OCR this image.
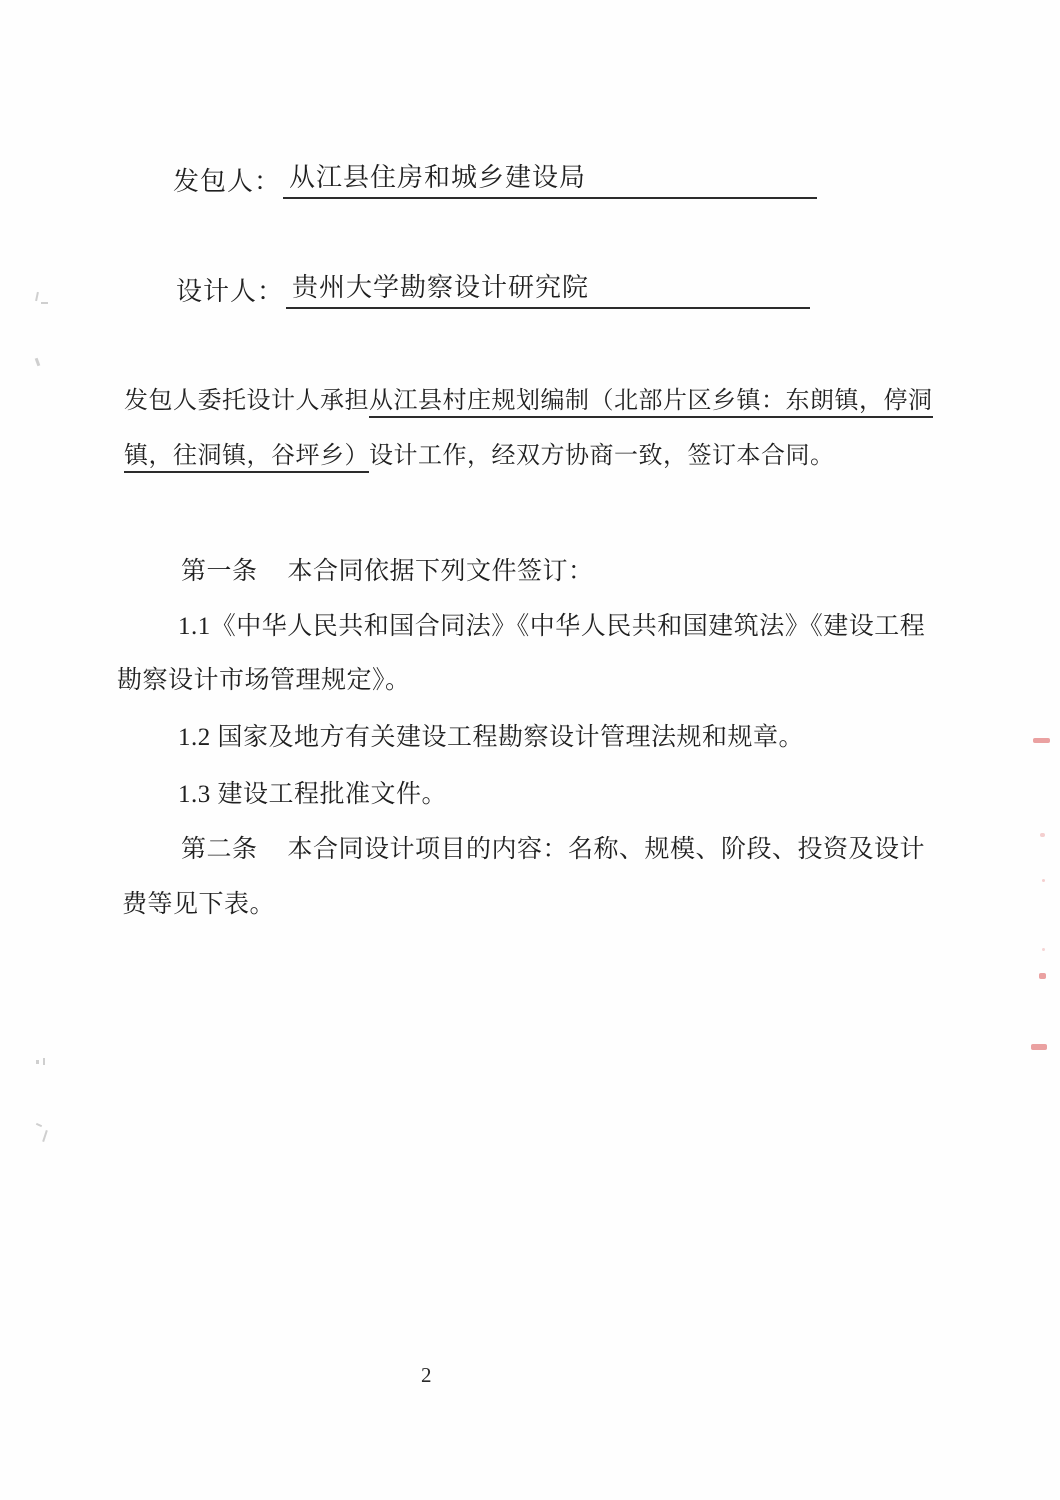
发包人： 从江县住房和城乡建设局
设计人： 贵州大学勘察设计研究院
发包人委托设计人承担从江县村庄规划编制（北部片区乡镇：东朗镇，停洞
镇，往洞镇，谷坪乡）设计工作，经双方协商一致，签订本合同。
第一条 本合同依据下列文件签订：
1.1《中华人民共和国合同法》《中华人民共和国建筑法》《建设工程
勘察设计市场管理规定》。
1.2 国家及地方有关建设工程勘察设计管理法规和规章。
1.3 建设工程批准文件。
第二条 本合同设计项目的内容：名称、规模、阶段、投资及设计
费等见下表。
2
